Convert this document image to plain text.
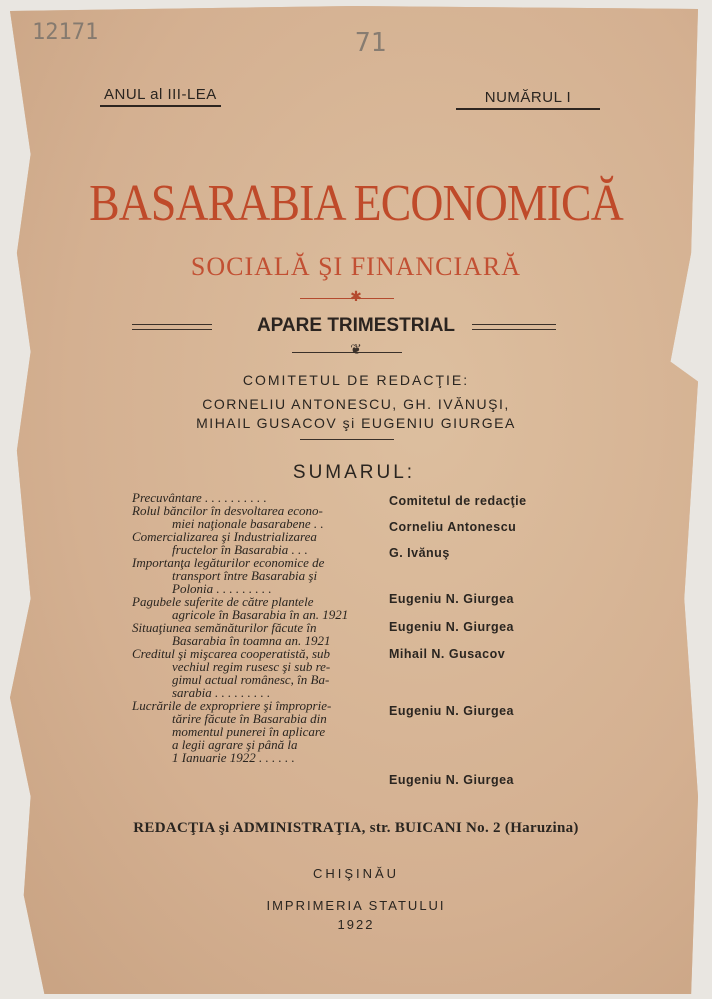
12171	71
ANUL al III-LEA	NUMĂRUL I
BASARABIA ECONOMICĂ
SOCIALĂ ŞI FINANCIARĂ
✱
APARE TRIMESTRIAL
❦
COMITETUL DE REDACŢIE:
CORNELIU ANTONESCU, GH. IVĂNUŞI,
MIHAIL GUSACOV şi EUGENIU GIURGEA
SUMARUL:
Precuvântare . . . . . . . . . .
Rolul băncilor în desvoltarea econo-
miei naţionale basarabene . .
Comercializarea şi Industrializarea
fructelor în Basarabia . . .
Importanţa legăturilor economice de
transport între Basarabia şi
Polonia . . . . . . . . .
Pagubele suferite de către plantele
agricole în Basarabia în an. 1921
Situaţiunea semănăturilor făcute în
Basarabia în toamna an. 1921
Creditul şi mişcarea cooperatistă, sub
vechiul regim rusesc şi sub re-
gimul actual românesc, în Ba-
sarabia . . . . . . . . .
Lucrările de expropriere şi împroprie-
tărire făcute în Basarabia din
momentul punerei în aplicare
a legii agrare şi până la
1 Ianuarie 1922 . . . . . .
Comitetul de redacţie
Corneliu Antonescu
G. Ivănuş
Eugeniu N. Giurgea
Eugeniu N. Giurgea
Mihail N. Gusacov
Eugeniu N. Giurgea
Eugeniu N. Giurgea
REDACŢIA şi ADMINISTRAŢIA, str. BUICANI No. 2 (Haruzina)
CHIŞINĂU
IMPRIMERIA STATULUI
1922
